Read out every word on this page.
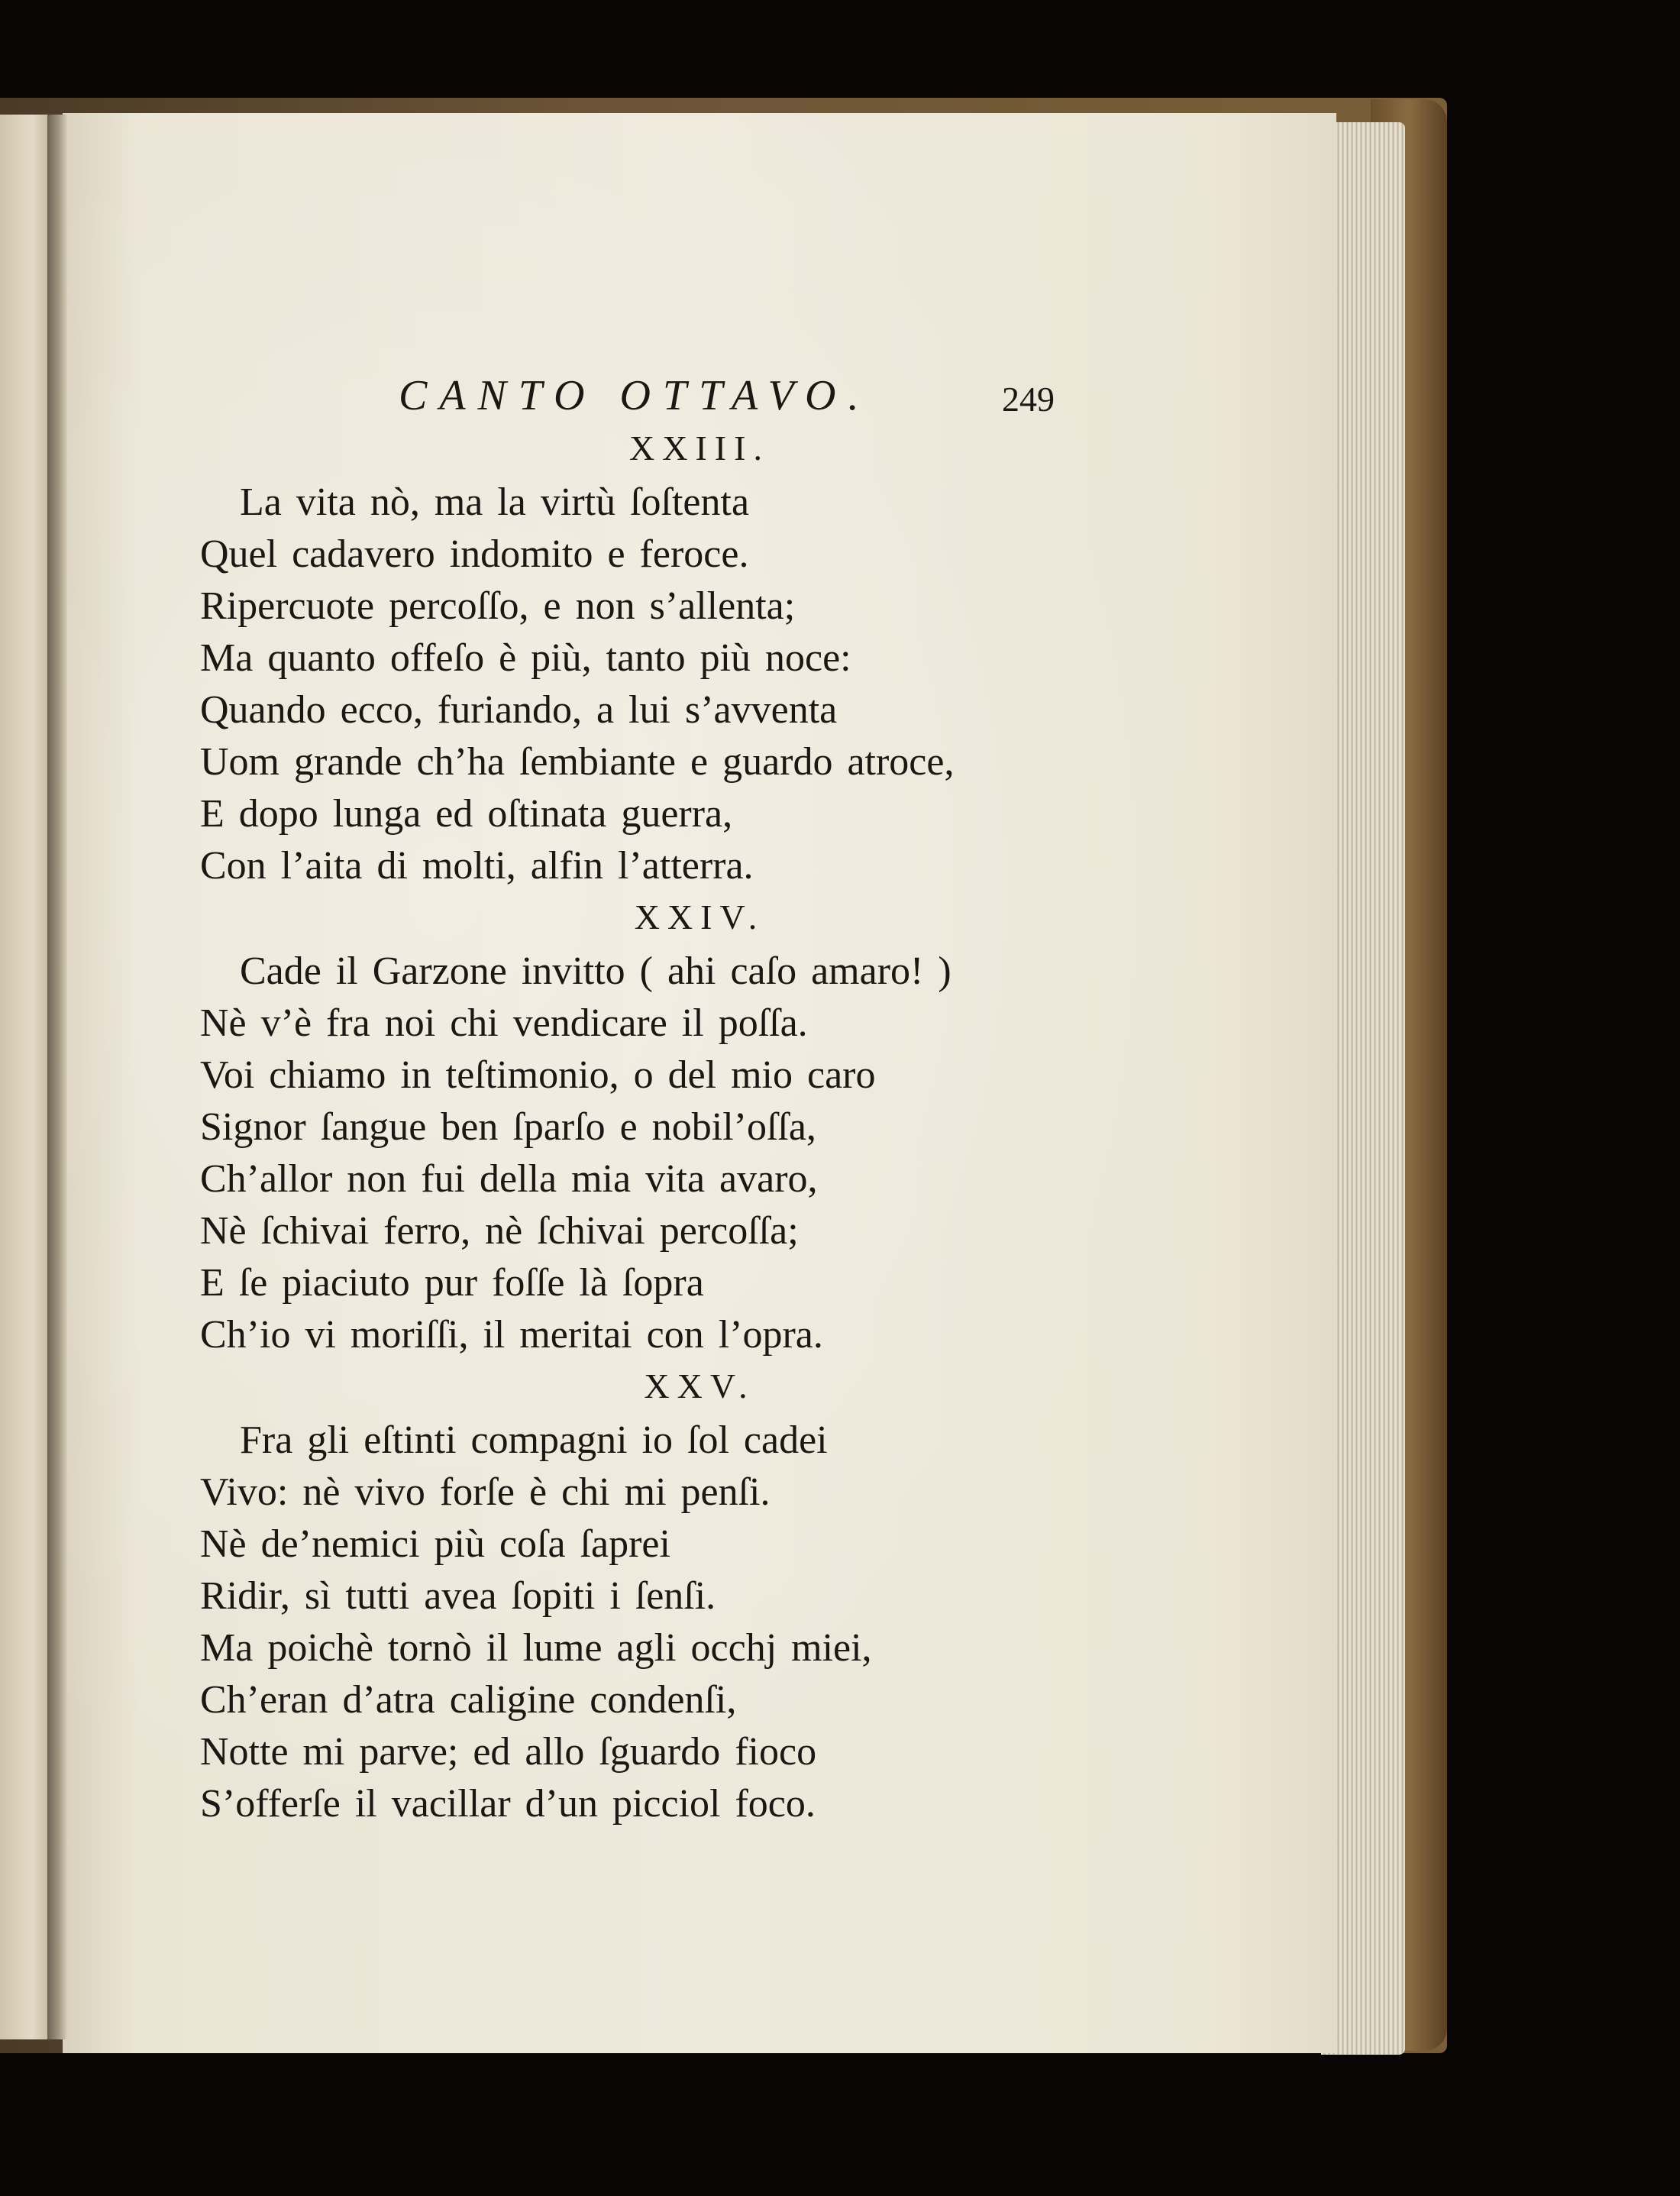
CANTO OTTAVO.	249
XXIII.
La vita nò, ma la virtù ſoſtenta
Quel cadavero indomito e feroce.
Ripercuote percoſſo, e non s’allenta;
Ma quanto offeſo è più, tanto più noce:
Quando ecco, furiando, a lui s’avventa
Uom grande ch’ha ſembiante e guardo atroce,
E dopo lunga ed oſtinata guerra,
Con l’aita di molti, alfin l’atterra.
XXIV.
Cade il Garzone invitto ( ahi caſo amaro! )
Nè v’è fra noi chi vendicare il poſſa.
Voi chiamo in teſtimonio, o del mio caro
Signor ſangue ben ſparſo e nobil’oſſa,
Ch’allor non fui della mia vita avaro,
Nè ſchivai ferro, nè ſchivai percoſſa;
E ſe piaciuto pur foſſe là ſopra
Ch’io vi moriſſi, il meritai con l’opra.
XXV.
Fra gli eſtinti compagni io ſol cadei
Vivo: nè vivo forſe è chi mi penſi.
Nè de’nemici più coſa ſaprei
Ridir, sì tutti avea ſopiti i ſenſi.
Ma poichè tornò il lume agli occhj miei,
Ch’eran d’atra caligine condenſi,
Notte mi parve; ed allo ſguardo fioco
S’offerſe il vacillar d’un picciol foco.
